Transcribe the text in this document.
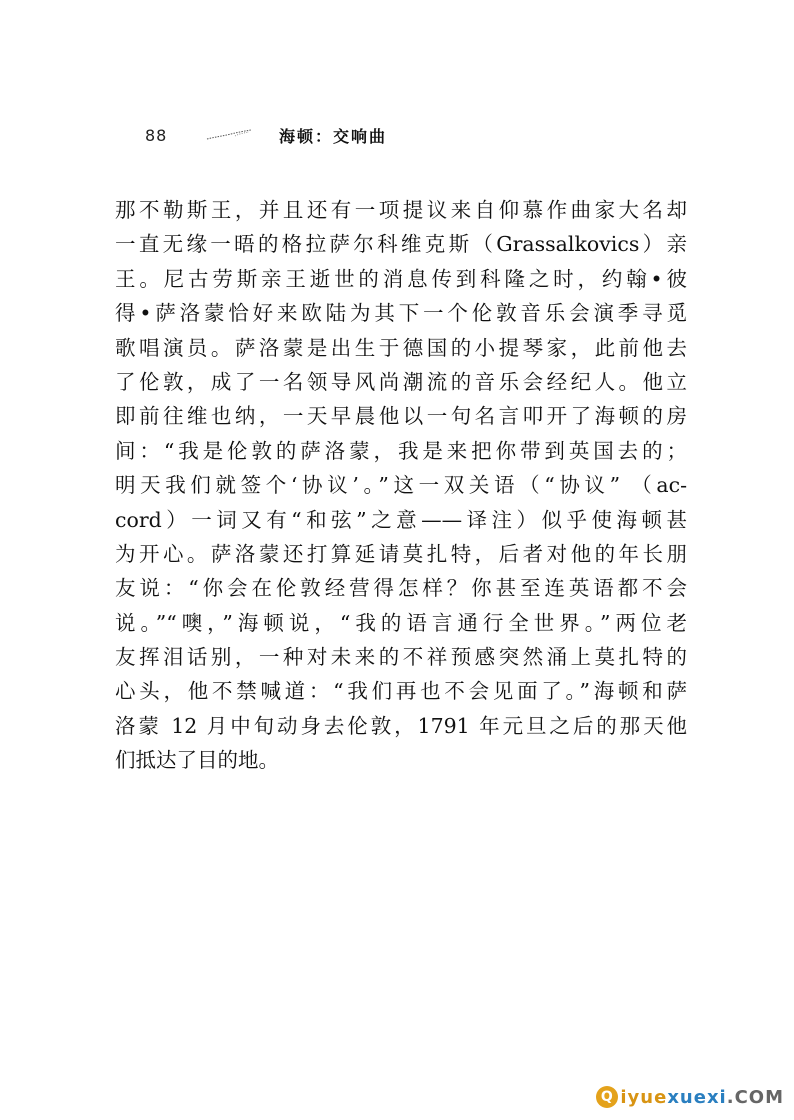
88	海顿：交响曲
那不勒斯王，并且还有一项提议来自仰慕作曲家大名却
一直无缘一晤的格拉萨尔科维克斯（Grassalkovics）亲
王。尼古劳斯亲王逝世的消息传到科隆之时，约翰•彼
得•萨洛蒙恰好来欧陆为其下一个伦敦音乐会演季寻觅
歌唱演员。萨洛蒙是出生于德国的小提琴家，此前他去
了伦敦，成了一名领导风尚潮流的音乐会经纪人。他立
即前往维也纳，一天早晨他以一句名言叩开了海顿的房
间：“我是伦敦的萨洛蒙，我是来把你带到英国去的；
明天我们就签个‘协议’。”这一双关语（“协议” （ac-
cord）一词又有“和弦”之意——译注）似乎使海顿甚
为开心。萨洛蒙还打算延请莫扎特，后者对他的年长朋
友说：“你会在伦敦经营得怎样？你甚至连英语都不会
说。”“噢，”海顿说，“我的语言通行全世界。”两位老
友挥泪话别，一种对未来的不祥预感突然涌上莫扎特的
心头，他不禁喊道：“我们再也不会见面了。”海顿和萨
洛蒙 12 月中旬动身去伦敦，1791 年元旦之后的那天他
们抵达了目的地。
Q iyue xuexi .COM
